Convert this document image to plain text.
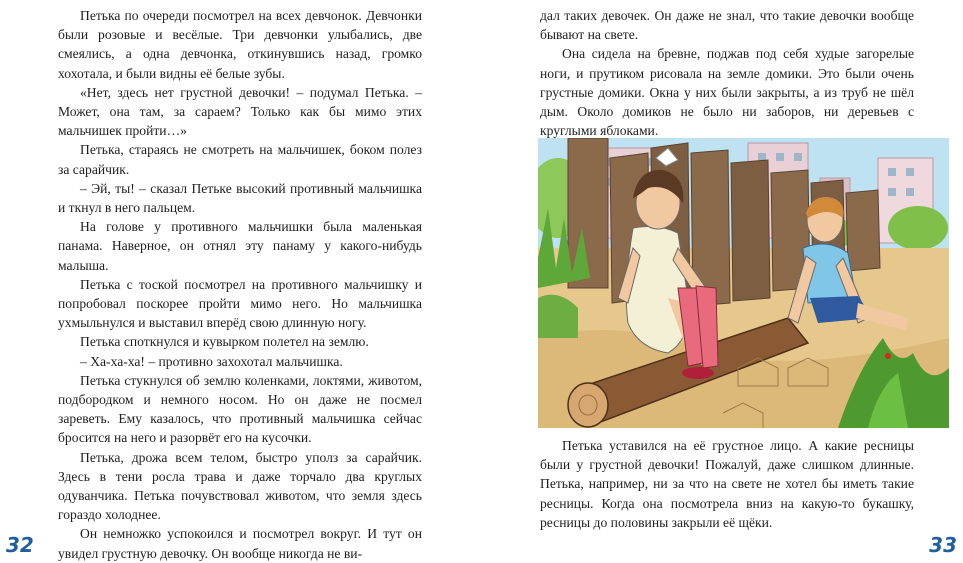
Петька по очереди посмотрел на всех девчонок. Девчонки были розовые и весёлые. Три девчонки улыбались, две смеялись, а одна девчонка, откинувшись назад, громко хохотала, и были видны её белые зубы.

«Нет, здесь нет грустной девочки! – подумал Петька. – Может, она там, за сараем? Только как бы мимо этих мальчишек пройти…»

Петька, стараясь не смотреть на мальчишек, боком полез за сарайчик.

– Эй, ты! – сказал Петьке высокий противный мальчишка и ткнул в него пальцем.

На голове у противного мальчишки была маленькая панама. Наверное, он отнял эту панаму у какого-нибудь малыша.

Петька с тоской посмотрел на противного мальчишку и попробовал поскорее пройти мимо него. Но мальчишка ухмыльнулся и выставил вперёд свою длинную ногу.

Петька споткнулся и кувырком полетел на землю.

– Ха-ха-ха! – противно захохотал мальчишка.

Петька стукнулся об землю коленками, локтями, животом, подбородком и немного носом. Но он даже не посмел зареветь. Ему казалось, что противный мальчишка сейчас бросится на него и разорвёт его на кусочки.

Петька, дрожа всем телом, быстро уполз за сарайчик. Здесь в тени росла трава и даже торчало два круглых одуванчика. Петька почувствовал животом, что земля здесь гораздо холоднее.

Он немножко успокоился и посмотрел вокруг. И тут он увидел грустную девочку. Он вообще никогда не ви-

32

дал таких девочек. Он даже не знал, что такие девочки вообще бывают на свете.

Она сидела на бревне, поджав под себя худые загорелые ноги, и прутиком рисовала на земле домики. Это были очень грустные домики. Окна у них были закрыты, а из труб не шёл дым. Около домиков не было ни заборов, ни деревьев с круглыми яблоками.

Петька уставился на её грустное лицо. А какие ресницы были у грустной девочки! Пожалуй, даже слишком длинные. Петька, например, ни за что на свете не хотел бы иметь такие ресницы. Когда она посмотрела вниз на какую-то букашку, ресницы до половины закрыли её щёки.

33
